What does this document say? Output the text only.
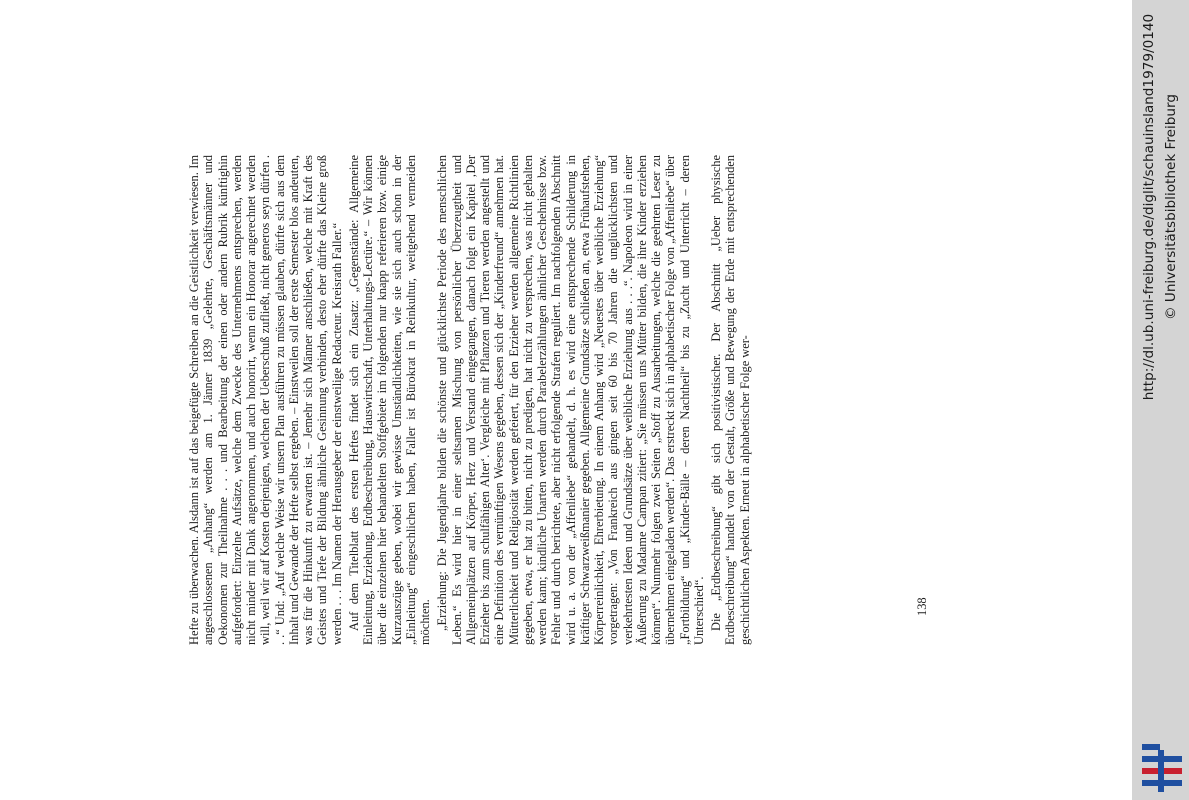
Hefte zu überwachen. Alsdann ist auf das beigefügte Schreiben an die Geistlichkeit verwiesen. Im angeschlossenen „Anhang“ werden am 1. Jänner 1839 „Gelehrte, Geschäftsmänner und Oekonomen zur Theilnahme . . . und Bearbeitung der einen oder andern Rubrik künftighin aufgefordert: Einzelne Aufsätze, welche dem Zwecke des Unternehmens entsprechen, werden nicht minder mit Dank angenommen, und auch honorirt, wenn ein Honorar angerechnet werden will, weil wir auf Kosten derjenigen, welchen der Ueberschuß zufließt, nicht generos seyn dürfen . . .“ Und: „Auf welche Weise wir unsern Plan ausführen zu müssen glauben, dürfte sich aus dem Inhalt und Gewande der Hefte selbst ergeben. – Einstweilen soll der erste Semester blos andeuten, was für die Hinkunft zu erwarten ist. – Jemehr sich Männer anschließen, welche mit Kraft des Geistes und Tiefe der Bildung ähnliche Gesinnung verbinden, desto eher dürfte das Kleine groß werden . . . Im Namen der Herausgeber der einstweilige Redacteur. Kreisrath Faller.“ Auf dem Titelblatt des ersten Heftes findet sich ein Zusatz: „Gegenstände: Allgemeine Einleitung, Erziehung, Erdbeschreibung, Hauswirtschaft, Unterhaltungs-Lectüre.“ – Wir können über die einzelnen hier behandelten Stoffgebiete im folgenden nur knapp referieren bzw. einige Kurzauszüge geben, wobei wir gewisse Umständlichkeiten, wie sie sich auch schon in der „Einleitung“ eingeschlichen haben, Faller ist Bürokrat in Reinkultur, weitgehend vermeiden möchten. „Erziehung: Die Jugendjahre bilden die schönste und glücklichste Periode des menschlichen Leben.“ Es wird hier in einer seltsamen Mischung von persönlicher Überzeugtheit und Allgemeinplätzen auf Körper, Herz und Verstand eingegangen, danach folgt ein Kapitel ‚Der Erzieher bis zum schulfähigen Alter‘. Vergleiche mit Pflanzen und Tieren werden angestellt und eine Definition des vernünftigen Wesens gegeben, dessen sich der „Kinderfreund“ annehmen hat. Mütterlichkeit und Religiosität werden gefeiert, für den Erzieher werden allgemeine Richtlinien gegeben, etwa, er hat zu bitten, nicht zu predigen, hat nicht zu versprechen, was nicht gehalten werden kann; kindliche Unarten werden durch Parabelerzählungen ähnlicher Geschehnisse bzw. Fehler und durch berichtete, aber nicht erfolgende Strafen reguliert. Im nachfolgenden Abschnitt wird u. a. von der „Affenliebe“ gehandelt, d. h. es wird eine entsprechende Schilderung in kräftiger Schwarzweißmanier gegeben. Allgemeine Grundsätze schließen an, etwa Frühaufstehen, Körperreinlichkeit, Ehrerbietung. In einem Anhang wird „Neuestes über weibliche Erziehung“ vorgetragen: „Von Frankreich aus gingen seit 60 bis 70 Jahren die unglücklichsten und verkehrtesten Ideen und Grundsätze über weibliche Erziehung aus . . .“. Napoleon wird in einer Äußerung zu Madame Campan zitiert: „Sie müssen uns Mütter bilden, die ihre Kinder erziehen können“. Nunmehr folgen zwei Seiten „Stoff zu Ausarbeitungen, welche die geehrten Leser zu übernehmen eingeladen werden“. Das erstreckt sich in alphabetischer Folge von „Affenliebe“ über „Fortbildung“ und „Kinder-Bälle – deren Nachtheil“ bis zu „Zucht und Unterricht – deren Unterschied“. Die „Erdbeschreibung“ gibt sich positivistischer. Der Abschnitt „Ueber physische Erdbeschreibung“ handelt von der Gestalt, Größe und Bewegung der Erde mit entsprechenden geschichtlichen Aspekten. Erneut in alphabetischer Folge wer-	138
http://dl.ub.uni-freiburg.de/diglit/schauinsland1979/0140 © Universitätsbibliothek Freiburg
